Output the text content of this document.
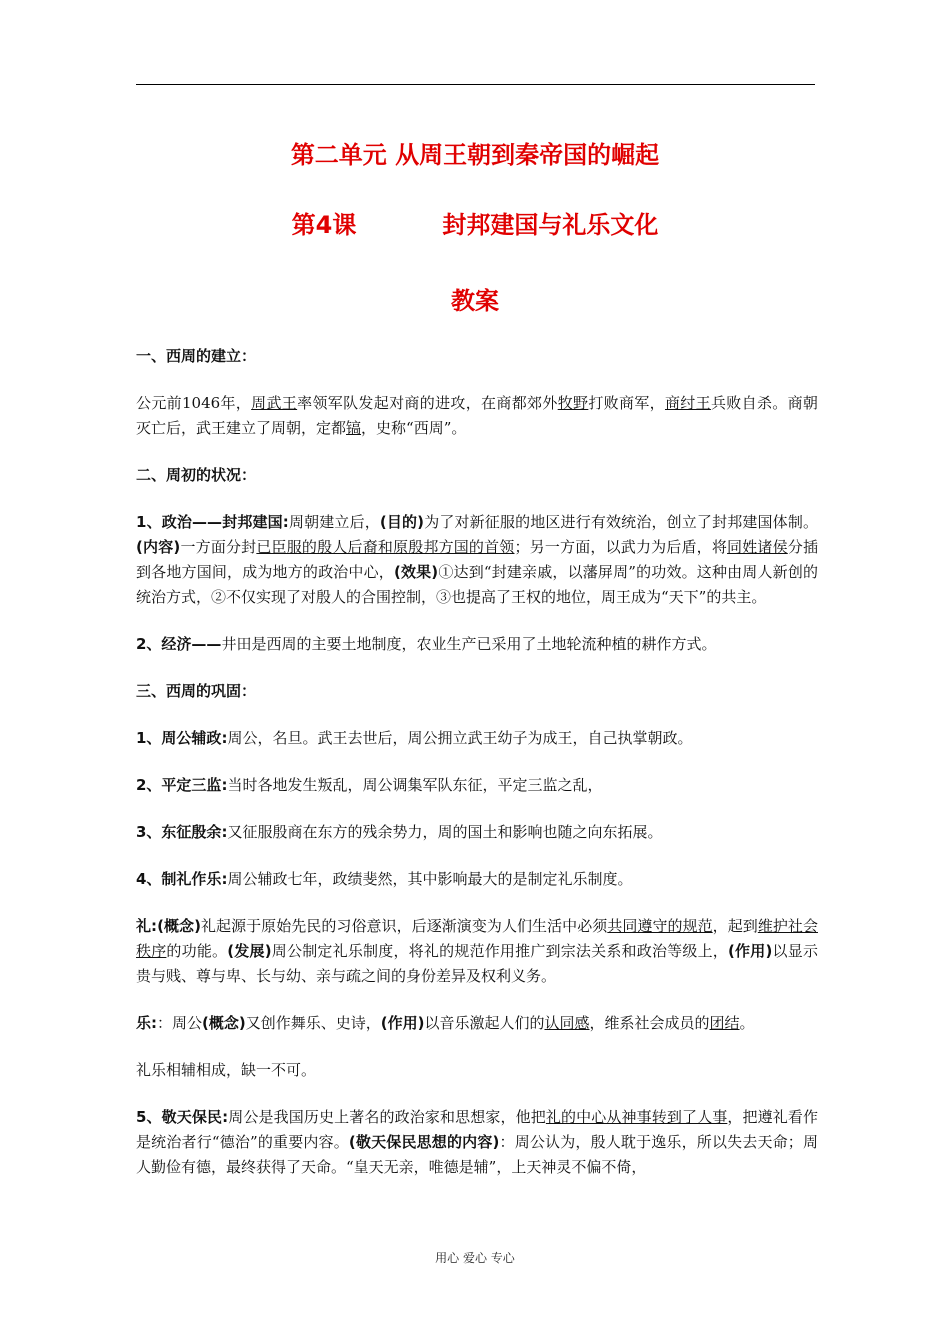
第二单元 从周王朝到秦帝国的崛起
第4课	封邦建国与礼乐文化
教案

一、西周的建立：

公元前1046年，周武王率领军队发起对商的进攻，在商都郊外牧野打败商军，商纣王兵败自杀。商朝灭亡后，武王建立了周朝，定都镐，史称“西周”。

二、周初的状况：

1、政治——封邦建国:周朝建立后，(目的)为了对新征服的地区进行有效统治，创立了封邦建国体制。(内容)一方面分封已臣服的殷人后裔和原殷邦方国的首领；另一方面，以武力为后盾，将同姓诸侯分插到各地方国间，成为地方的政治中心，(效果)①达到“封建亲戚，以藩屏周”的功效。这种由周人新创的统治方式，②不仅实现了对殷人的合围控制，③也提高了王权的地位，周王成为“天下”的共主。

2、经济——井田是西周的主要土地制度，农业生产已采用了土地轮流种植的耕作方式。

三、西周的巩固：

1、周公辅政:周公，名旦。武王去世后，周公拥立武王幼子为成王，自己执掌朝政。

2、平定三监:当时各地发生叛乱，周公调集军队东征，平定三监之乱，

3、东征殷余:又征服殷商在东方的残余势力，周的国土和影响也随之向东拓展。

4、制礼作乐:周公辅政七年，政绩斐然，其中影响最大的是制定礼乐制度。

礼:(概念)礼起源于原始先民的习俗意识，后逐渐演变为人们生活中必须共同遵守的规范，起到维护社会秩序的功能。(发展)周公制定礼乐制度，将礼的规范作用推广到宗法关系和政治等级上，(作用)以显示贵与贱、尊与卑、长与幼、亲与疏之间的身份差异及权利义务。

乐:：周公(概念)又创作舞乐、史诗，(作用)以音乐激起人们的认同感，维系社会成员的团结。

礼乐相辅相成，缺一不可。

5、敬天保民:周公是我国历史上著名的政治家和思想家，他把礼的中心从神事转到了人事，把遵礼看作是统治者行“德治”的重要内容。(敬天保民思想的内容)：周公认为，殷人耽于逸乐，所以失去天命；周人勤俭有德，最终获得了天命。“皇天无亲，唯德是辅”，上天神灵不偏不倚，

用心 爱心 专心
